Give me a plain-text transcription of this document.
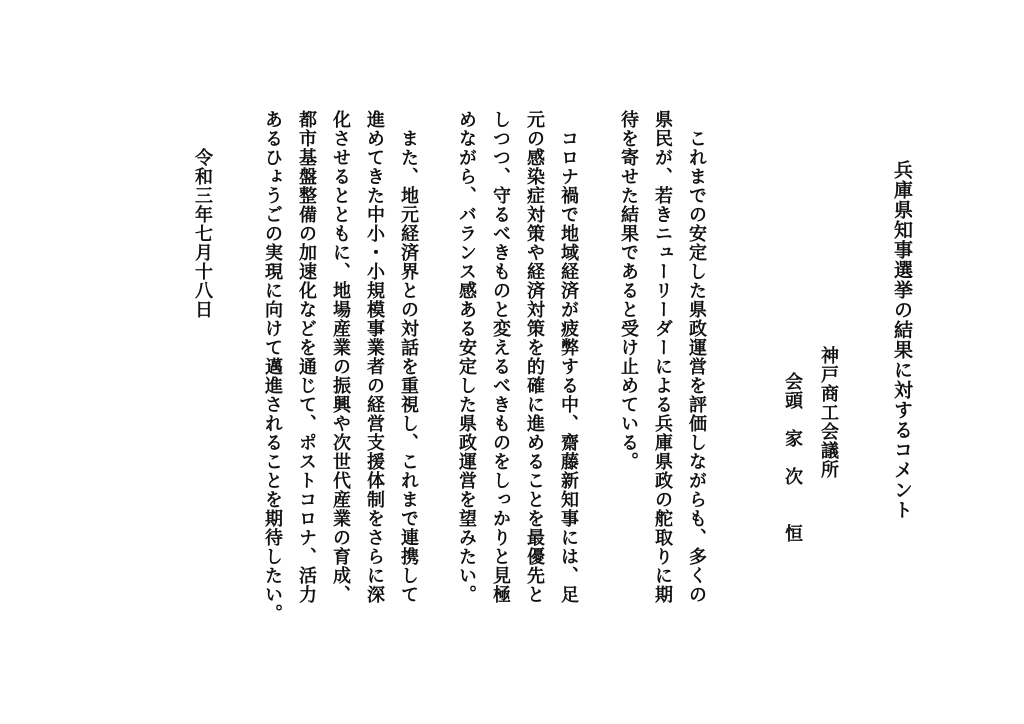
兵庫県知事選挙の結果に対するコメント
神戸商工会議所
会頭　家　次　　恒
　これまでの安定した県政運営を評価しながらも、多くの
県民が、若きニューリーダーによる兵庫県政の舵取りに期
待を寄せた結果であると受け止めている。
　コロナ禍で地域経済が疲弊する中、齋藤新知事には、足
元の感染症対策や経済対策を的確に進めることを最優先と
しつつ、守るべきものと変えるべきものをしっかりと見極
めながら、バランス感ある安定した県政運営を望みたい。
　また、地元経済界との対話を重視し、これまで連携して
進めてきた中小・小規模事業者の経営支援体制をさらに深
化させるとともに、地場産業の振興や次世代産業の育成、
都市基盤整備の加速化などを通じて、ポストコロナ、活力
あるひょうごの実現に向けて邁進されることを期待したい。
令和三年七月十八日
